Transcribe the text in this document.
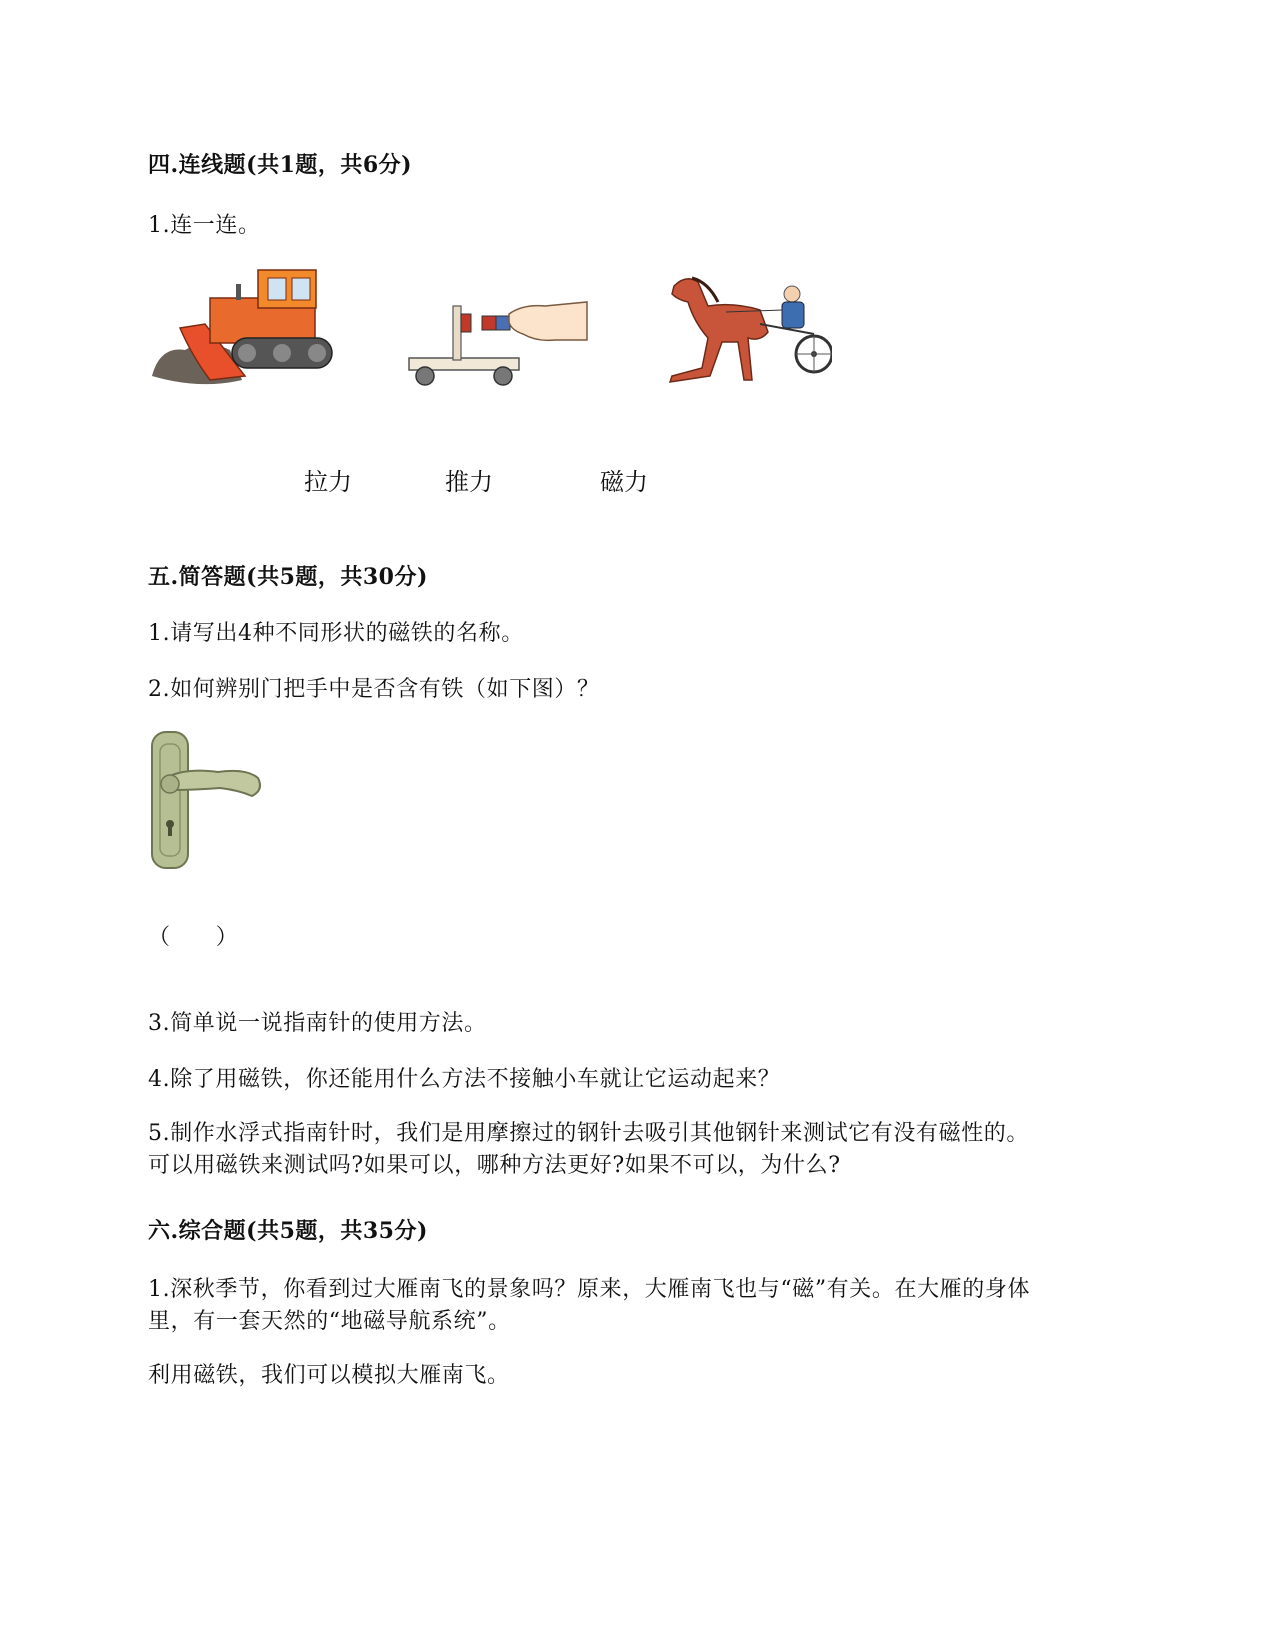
四.连线题(共1题，共6分)
1.连一连。
拉力	推力	磁力
五.简答题(共5题，共30分)
1.请写出4种不同形状的磁铁的名称。
2.如何辨别门把手中是否含有铁（如下图）？
（　　）
3.简单说一说指南针的使用方法。
4.除了用磁铁，你还能用什么方法不接触小车就让它运动起来？
5.制作水浮式指南针时，我们是用摩擦过的钢针去吸引其他钢针来测试它有没有磁性的。
可以用磁铁来测试吗?如果可以，哪种方法更好?如果不可以，为什么?
六.综合题(共5题，共35分)
1.深秋季节，你看到过大雁南飞的景象吗？原来，大雁南飞也与“磁”有关。在大雁的身体
里，有一套天然的“地磁导航系统”。
利用磁铁，我们可以模拟大雁南飞。
